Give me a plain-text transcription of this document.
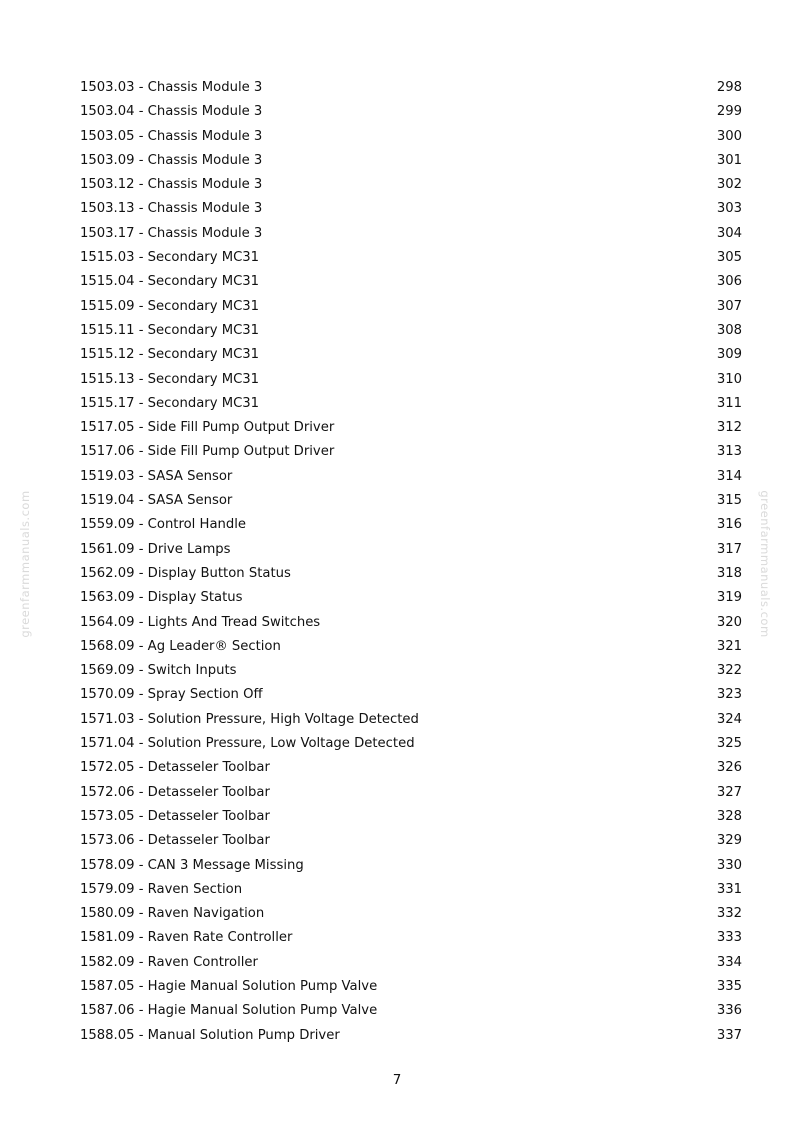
greenfarmmanuals.com	greenfarmmanuals.com
1503.03 - Chassis Module 3	298
1503.04 - Chassis Module 3	299
1503.05 - Chassis Module 3	300
1503.09 - Chassis Module 3	301
1503.12 - Chassis Module 3	302
1503.13 - Chassis Module 3	303
1503.17 - Chassis Module 3	304
1515.03 - Secondary MC31	305
1515.04 - Secondary MC31	306
1515.09 - Secondary MC31	307
1515.11 - Secondary MC31	308
1515.12 - Secondary MC31	309
1515.13 - Secondary MC31	310
1515.17 - Secondary MC31	311
1517.05 - Side Fill Pump Output Driver	312
1517.06 - Side Fill Pump Output Driver	313
1519.03 - SASA Sensor	314
1519.04 - SASA Sensor	315
1559.09 - Control Handle	316
1561.09 - Drive Lamps	317
1562.09 - Display Button Status	318
1563.09 - Display Status	319
1564.09 - Lights And Tread Switches	320
1568.09 - Ag Leader® Section	321
1569.09 - Switch Inputs	322
1570.09 - Spray Section Off	323
1571.03 - Solution Pressure, High Voltage Detected	324
1571.04 - Solution Pressure, Low Voltage Detected	325
1572.05 - Detasseler Toolbar	326
1572.06 - Detasseler Toolbar	327
1573.05 - Detasseler Toolbar	328
1573.06 - Detasseler Toolbar	329
1578.09 - CAN 3 Message Missing	330
1579.09 - Raven Section	331
1580.09 - Raven Navigation	332
1581.09 - Raven Rate Controller	333
1582.09 - Raven Controller	334
1587.05 - Hagie Manual Solution Pump Valve	335
1587.06 - Hagie Manual Solution Pump Valve	336
1588.05 - Manual Solution Pump Driver	337
7
